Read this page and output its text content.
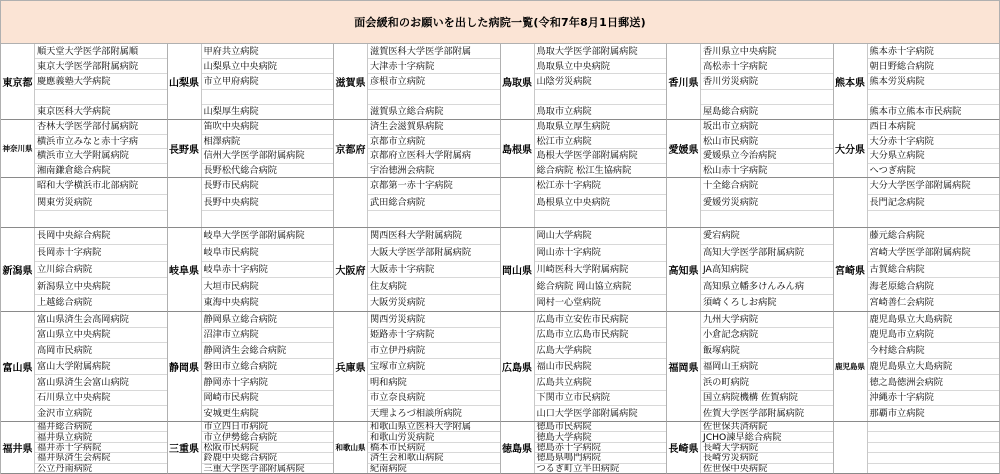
面会緩和のお願いを出した病院一覧(令和7年8月1日郵送)
東京都
順天堂大学医学部附属順
東京大学医学部附属病院
慶應義塾大学病院
東京医科大学病院
山梨県
甲府共立病院
山梨県立中央病院
市立甲府病院
山梨厚生病院
滋賀県
滋賀医科大学医学部附属
大津赤十字病院
彦根市立病院
滋賀県立総合病院
鳥取県
鳥取大学医学部附属病院
鳥取県立中央病院
山陰労災病院
鳥取市立病院
香川県
香川県立中央病院
高松赤十字病院
香川労災病院
屋島総合病院
熊本県
熊本赤十字病院
朝日野総合病院
熊本労災病院
熊本市立熊本市民病院
神奈川県
杏林大学医学部付属病院
横浜市立みなと赤十字病
横浜市立大学附属病院
湘南鎌倉総合病院
長野県
笛吹中央病院
相澤病院
信州大学医学部附属病院
長野松代総合病院
京都府
済生会滋賀県病院
京都市立病院
京都府立医科大学附属病
宇治徳洲会病院
島根県
鳥取県立厚生病院
松江市立病院
島根大学医学部附属病院
総合病院 松江生協病院
愛媛県
坂出市立病院
松山市民病院
愛媛県立今治病院
松山赤十字病院
大分県
西日本病院
大分赤十字病院
大分県立病院
へつぎ病院
昭和大学横浜市北部病院
関東労災病院
長野市民病院
長野中央病院
京都第一赤十字病院
武田総合病院
松江赤十字病院
島根県立中央病院
十全総合病院
愛媛労災病院
大分大学医学部附属病院
長門記念病院
新潟県
長岡中央綜合病院
長岡赤十字病院
立川綜合病院
新潟県立中央病院
上越総合病院
岐阜県
岐阜大学医学部附属病院
岐阜市民病院
岐阜赤十字病院
大垣市民病院
東海中央病院
大阪府
関西医科大学附属病院
大阪大学医学部附属病院
大阪赤十字病院
住友病院
大阪労災病院
岡山県
岡山大学病院
岡山赤十字病院
川崎医科大学附属病院
総合病院 岡山協立病院
岡村一心堂病院
高知県
愛宕病院
高知大学医学部附属病院
JA高知病院
高知県立幡多けんみん病
須崎くろしお病院
宮崎県
藤元総合病院
宮崎大学医学部附属病院
古賀総合病院
海老原総合病院
宮崎善仁会病院
富山県
富山県済生会高岡病院
富山県立中央病院
高岡市民病院
富山大学附属病院
富山県済生会富山病院
石川県立中央病院
金沢市立病院
静岡県
静岡県立総合病院
沼津市立病院
静岡済生会総合病院
磐田市立総合病院
静岡赤十字病院
岡崎市民病院
安城更生病院
兵庫県
関西労災病院
姫路赤十字病院
市立伊丹病院
宝塚市立病院
明和病院
市立奈良病院
天理よろづ相談所病院
広島県
広島市立安佐市民病院
広島市立広島市民病院
広島大学病院
福山市民病院
広島共立病院
下関市立市民病院
山口大学医学部附属病院
福岡県
九州大学病院
小倉記念病院
飯塚病院
福岡山王病院
浜の町病院
国立病院機構 佐賀病院
佐賀大学医学部附属病院
鹿児島県
鹿児島県立大島病院
鹿児島市立病院
今村総合病院
鹿児島県立大島病院
徳之島徳洲会病院
沖縄赤十字病院
那覇市立病院
福井県
福井総合病院
福井県立病院
福井赤十字病院
福井県済生会病院
公立丹南病院
三重県
市立四日市病院
市立伊勢総合病院
松阪市民病院
鈴鹿中央総合病院
三重大学医学部附属病院
和歌山県
和歌山県立医科大学附属
和歌山労災病院
橋本市民病院
済生会和歌山病院
紀南病院
徳島県
徳島市民病院
徳島大学病院
徳島赤十字病院
徳島県鳴門病院
つるぎ町立半田病院
長崎県
佐世保共済病院
JCHO諫早総合病院
長崎大学病院
長崎労災病院
佐世保中央病院
